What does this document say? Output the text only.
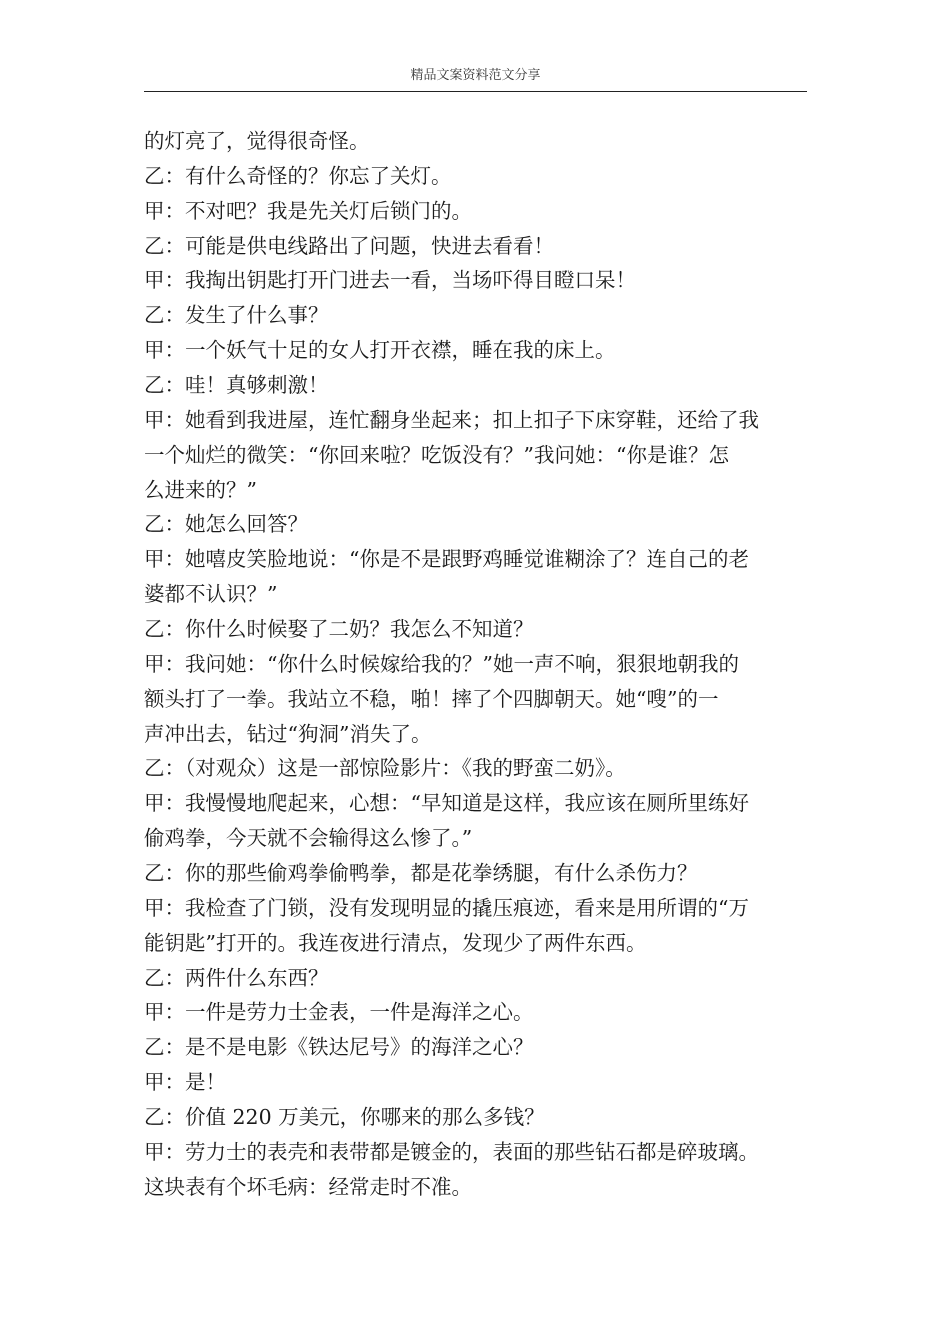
精品文案资料范文分享
的灯亮了，觉得很奇怪。
乙：有什么奇怪的？你忘了关灯。
甲：不对吧？我是先关灯后锁门的。
乙：可能是供电线路出了问题，快进去看看！
甲：我掏出钥匙打开门进去一看，当场吓得目瞪口呆！
乙：发生了什么事？
甲：一个妖气十足的女人打开衣襟，睡在我的床上。
乙：哇！真够刺激！
甲：她看到我进屋，连忙翻身坐起来；扣上扣子下床穿鞋，还给了我
一个灿烂的微笑：“你回来啦？吃饭没有？”我问她：“你是谁？怎
么进来的？”
乙：她怎么回答？
甲：她嘻皮笑脸地说：“你是不是跟野鸡睡觉谁糊涂了？连自己的老
婆都不认识？”
乙：你什么时候娶了二奶？我怎么不知道？
甲：我问她：“你什么时候嫁给我的？”她一声不响，狠狠地朝我的
额头打了一拳。我站立不稳，啪！摔了个四脚朝天。她“嗖”的一
声冲出去，钻过“狗洞”消失了。
乙：（对观众）这是一部惊险影片：《我的野蛮二奶》。
甲：我慢慢地爬起来，心想：“早知道是这样，我应该在厕所里练好
偷鸡拳，今天就不会输得这么惨了。”
乙：你的那些偷鸡拳偷鸭拳，都是花拳绣腿，有什么杀伤力？
甲：我检查了门锁，没有发现明显的撬压痕迹，看来是用所谓的“万
能钥匙”打开的。我连夜进行清点，发现少了两件东西。
乙：两件什么东西？
甲：一件是劳力士金表，一件是海洋之心。
乙：是不是电影《铁达尼号》的海洋之心？
甲：是！
乙：价值 220 万美元，你哪来的那么多钱？
甲：劳力士的表壳和表带都是镀金的，表面的那些钻石都是碎玻璃。
这块表有个坏毛病：经常走时不准。
